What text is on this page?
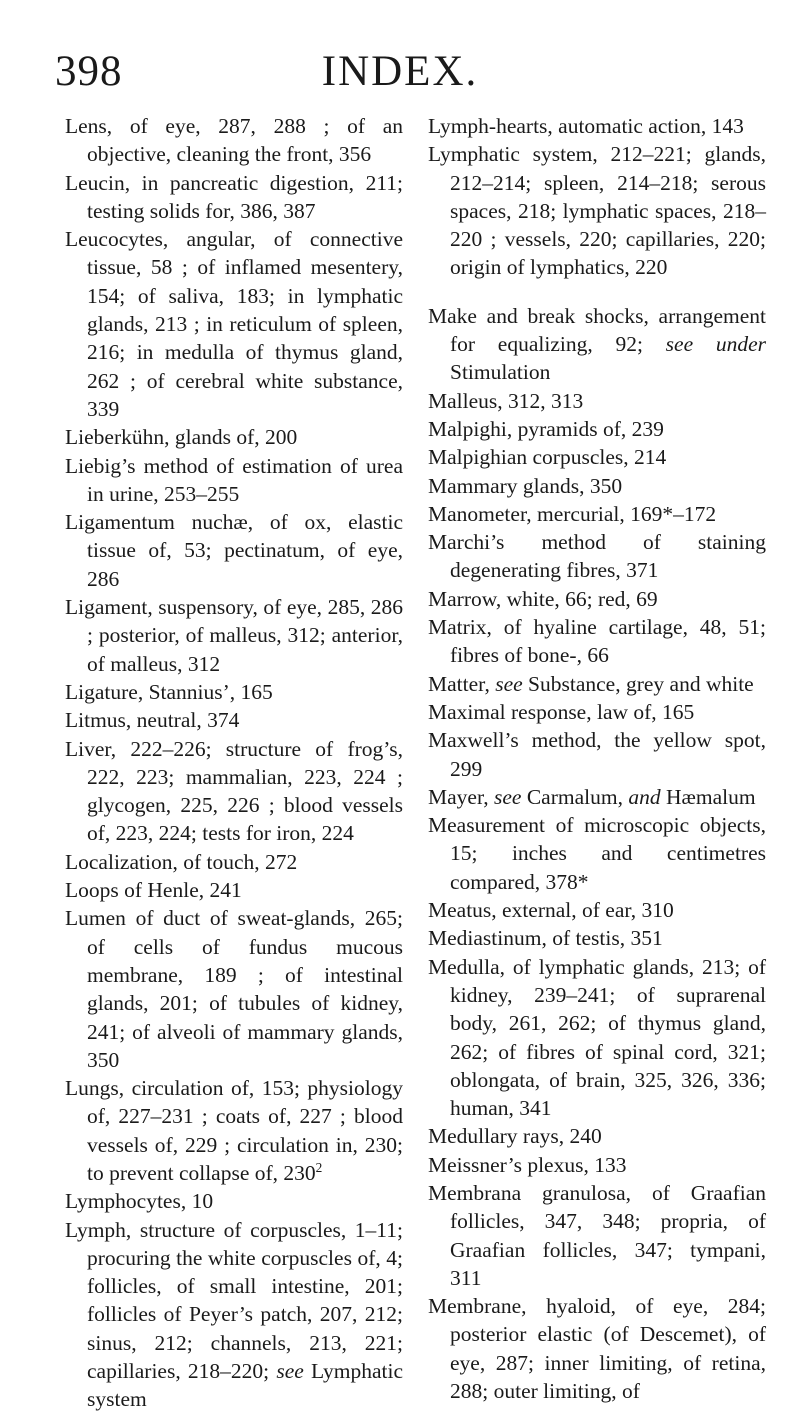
398	INDEX.
Lens, of eye, 287, 288 ; of an objective, cleaning the front, 356
Leucin, in pancreatic digestion, 211; testing solids for, 386, 387
Leucocytes, angular, of connective tissue, 58 ; of inflamed mesentery, 154; of saliva, 183; in lymphatic glands, 213 ; in reticulum of spleen, 216; in medulla of thymus gland, 262 ; of cerebral white substance, 339
Lieberkühn, glands of, 200
Liebig’s method of estimation of urea in urine, 253–255
Ligamentum nuchæ, of ox, elastic tissue of, 53; pectinatum, of eye, 286
Ligament, suspensory, of eye, 285, 286 ; posterior, of malleus, 312; anterior, of malleus, 312
Ligature, Stannius’, 165
Litmus, neutral, 374
Liver, 222–226; structure of frog’s, 222, 223; mammalian, 223, 224 ; glycogen, 225, 226 ; blood vessels of, 223, 224; tests for iron, 224
Localization, of touch, 272
Loops of Henle, 241
Lumen of duct of sweat-glands, 265; of cells of fundus mucous membrane, 189 ; of intestinal glands, 201; of tubules of kidney, 241; of alveoli of mammary glands, 350
Lungs, circulation of, 153; physiology of, 227–231 ; coats of, 227 ; blood vessels of, 229 ; circulation in, 230; to prevent collapse of, $230^2$
Lymphocytes, 10
Lymph, structure of corpuscles, 1–11; procuring the white corpuscles of, 4; follicles, of small intestine, 201; follicles of Peyer’s patch, 207, 212; sinus, 212; channels, 213, 221; capillaries, 218–220; see Lymphatic system
Lymph-hearts, automatic action, 143
Lymphatic system, 212–221; glands, 212–214; spleen, 214–218; serous spaces, 218; lymphatic spaces, 218–220 ; vessels, 220; capillaries, 220; origin of lymphatics, 220
Make and break shocks, arrangement for equalizing, 92; see under Stimulation
Malleus, 312, 313
Malpighi, pyramids of, 239
Malpighian corpuscles, 214
Mammary glands, 350
Manometer, mercurial, 169*–172
Marchi’s method of staining degenerating fibres, 371
Marrow, white, 66; red, 69
Matrix, of hyaline cartilage, 48, 51; fibres of bone-, 66
Matter, see Substance, grey and white
Maximal response, law of, 165
Maxwell’s method, the yellow spot, 299
Mayer, see Carmalum, and Hæmalum
Measurement of microscopic objects, 15; inches and centimetres compared, 378*
Meatus, external, of ear, 310
Mediastinum, of testis, 351
Medulla, of lymphatic glands, 213; of kidney, 239–241; of suprarenal body, 261, 262; of thymus gland, 262; of fibres of spinal cord, 321; oblongata, of brain, 325, 326, 336; human, 341
Medullary rays, 240
Meissner’s plexus, 133
Membrana granulosa, of Graafian follicles, 347, 348; propria, of Graafian follicles, 347; tympani, 311
Membrane, hyaloid, of eye, 284; posterior elastic (of Descemet), of eye, 287; inner limiting, of retina, 288; outer limiting, of
